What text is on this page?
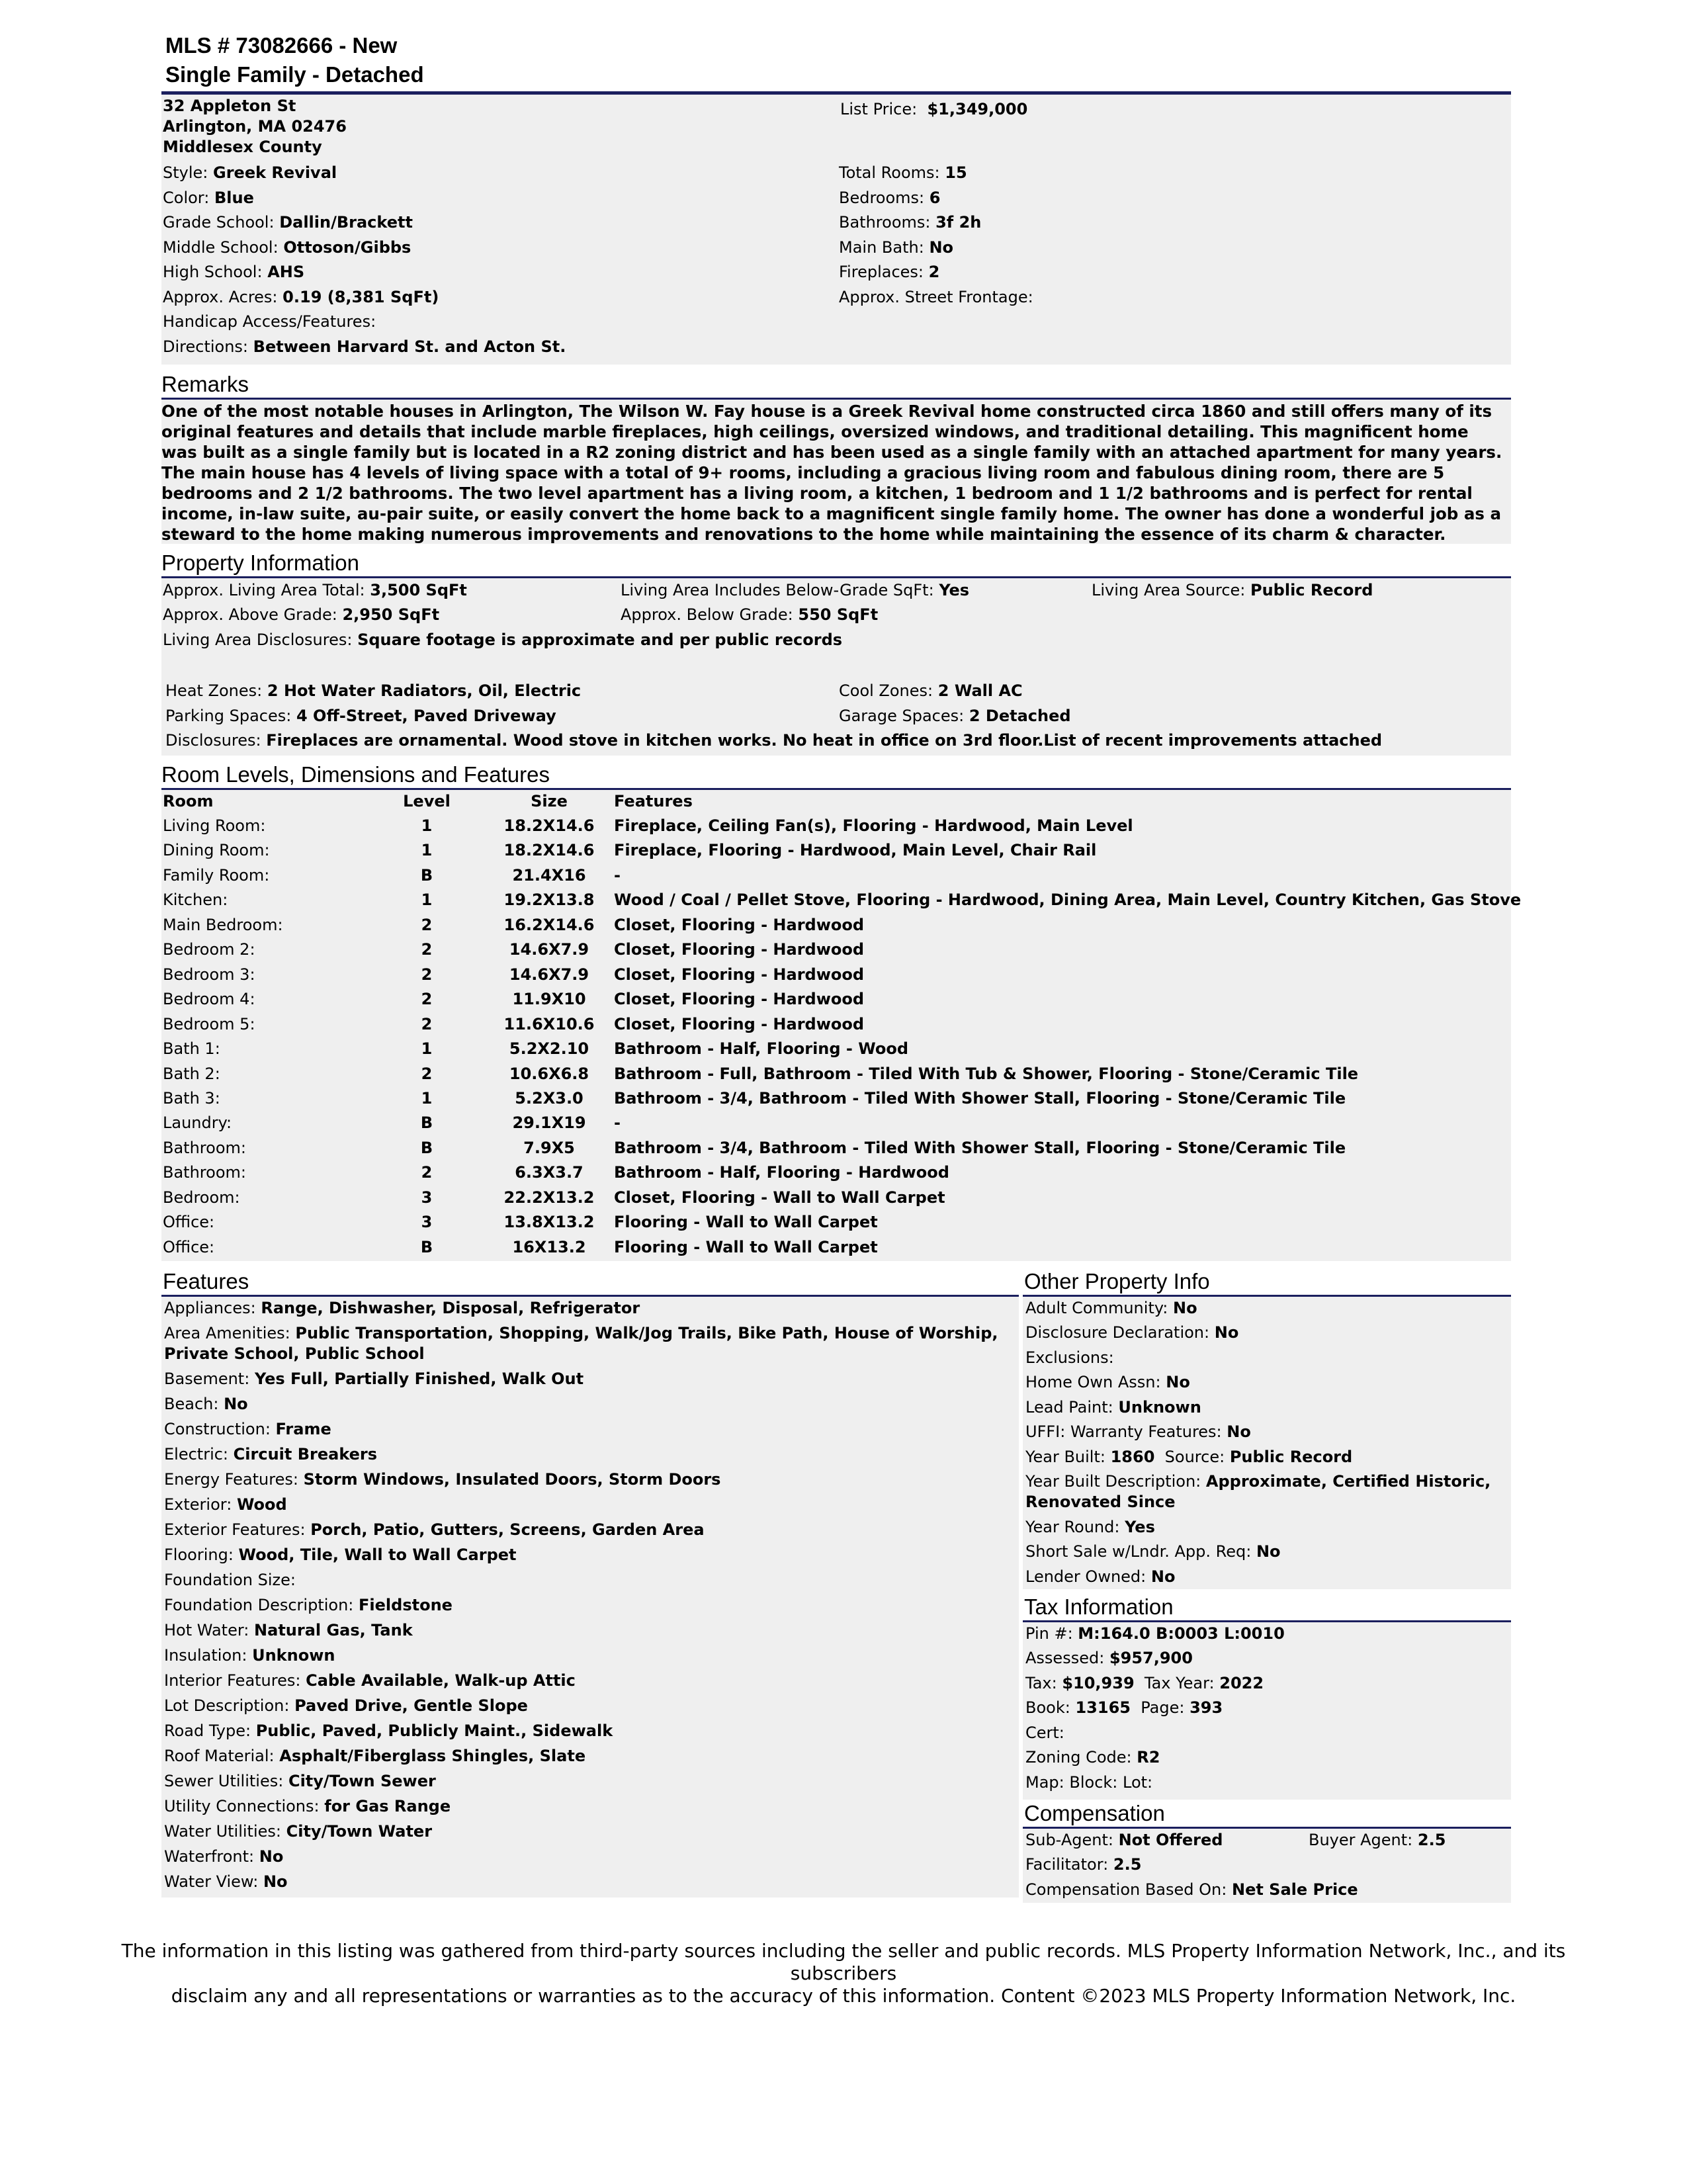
MLS # 73082666 - New
Single Family - Detached
32 Appleton St
Arlington, MA 02476
Middlesex County
List Price: $1,349,000
Style: Greek Revival
Color: Blue
Grade School: Dallin/Brackett
Middle School: Ottoson/Gibbs
High School: AHS
Approx. Acres: 0.19 (8,381 SqFt)
Handicap Access/Features:
Directions: Between Harvard St. and Acton St.
Total Rooms: 15
Bedrooms: 6
Bathrooms: 3f 2h
Main Bath: No
Fireplaces: 2
Approx. Street Frontage:
Remarks
One of the most notable houses in Arlington, The Wilson W. Fay house is a Greek Revival home constructed circa 1860 and still offers many of its original features and details that include marble fireplaces, high ceilings, oversized windows, and traditional detailing. This magnificent home was built as a single family but is located in a R2 zoning district and has been used as a single family with an attached apartment for many years. The main house has 4 levels of living space with a total of 9+ rooms, including a gracious living room and fabulous dining room, there are 5 bedrooms and 2 1/2 bathrooms. The two level apartment has a living room, a kitchen, 1 bedroom and 1 1/2 bathrooms and is perfect for rental income, in-law suite, au-pair suite, or easily convert the home back to a magnificent single family home. The owner has done a wonderful job as a steward to the home making numerous improvements and renovations to the home while maintaining the essence of its charm & character.
Property Information
Approx. Living Area Total: 3,500 SqFt	Living Area Includes Below-Grade SqFt: Yes	Living Area Source: Public Record
Approx. Above Grade: 2,950 SqFt	Approx. Below Grade: 550 SqFt
Living Area Disclosures: Square footage is approximate and per public records
Heat Zones: 2 Hot Water Radiators, Oil, Electric	Cool Zones: 2 Wall AC
Parking Spaces: 4 Off-Street, Paved Driveway	Garage Spaces: 2 Detached
Disclosures: Fireplaces are ornamental. Wood stove in kitchen works. No heat in office on 3rd floor.List of recent improvements attached
Room Levels, Dimensions and Features
Room	Level	Size	Features
Living Room:	1	18.2X14.6	Fireplace, Ceiling Fan(s), Flooring - Hardwood, Main Level
Dining Room:	1	18.2X14.6	Fireplace, Flooring - Hardwood, Main Level, Chair Rail
Family Room:	B	21.4X16	-
Kitchen:	1	19.2X13.8	Wood / Coal / Pellet Stove, Flooring - Hardwood, Dining Area, Main Level, Country Kitchen, Gas Stove
Main Bedroom:	2	16.2X14.6	Closet, Flooring - Hardwood
Bedroom 2:	2	14.6X7.9	Closet, Flooring - Hardwood
Bedroom 3:	2	14.6X7.9	Closet, Flooring - Hardwood
Bedroom 4:	2	11.9X10	Closet, Flooring - Hardwood
Bedroom 5:	2	11.6X10.6	Closet, Flooring - Hardwood
Bath 1:	1	5.2X2.10	Bathroom - Half, Flooring - Wood
Bath 2:	2	10.6X6.8	Bathroom - Full, Bathroom - Tiled With Tub & Shower, Flooring - Stone/Ceramic Tile
Bath 3:	1	5.2X3.0	Bathroom - 3/4, Bathroom - Tiled With Shower Stall, Flooring - Stone/Ceramic Tile
Laundry:	B	29.1X19	-
Bathroom:	B	7.9X5	Bathroom - 3/4, Bathroom - Tiled With Shower Stall, Flooring - Stone/Ceramic Tile
Bathroom:	2	6.3X3.7	Bathroom - Half, Flooring - Hardwood
Bedroom:	3	22.2X13.2	Closet, Flooring - Wall to Wall Carpet
Office:	3	13.8X13.2	Flooring - Wall to Wall Carpet
Office:	B	16X13.2	Flooring - Wall to Wall Carpet
Features
Appliances: Range, Dishwasher, Disposal, Refrigerator
Area Amenities: Public Transportation, Shopping, Walk/Jog Trails, Bike Path, House of Worship,
Private School, Public School
Basement: Yes Full, Partially Finished, Walk Out
Beach: No
Construction: Frame
Electric: Circuit Breakers
Energy Features: Storm Windows, Insulated Doors, Storm Doors
Exterior: Wood
Exterior Features: Porch, Patio, Gutters, Screens, Garden Area
Flooring: Wood, Tile, Wall to Wall Carpet
Foundation Size:
Foundation Description: Fieldstone
Hot Water: Natural Gas, Tank
Insulation: Unknown
Interior Features: Cable Available, Walk-up Attic
Lot Description: Paved Drive, Gentle Slope
Road Type: Public, Paved, Publicly Maint., Sidewalk
Roof Material: Asphalt/Fiberglass Shingles, Slate
Sewer Utilities: City/Town Sewer
Utility Connections: for Gas Range
Water Utilities: City/Town Water
Waterfront: No
Water View: No
Other Property Info
Adult Community: No
Disclosure Declaration: No
Exclusions:
Home Own Assn: No
Lead Paint: Unknown
UFFI: Warranty Features: No
Year Built: 1860 Source: Public Record
Year Built Description: Approximate, Certified Historic,
Renovated Since
Year Round: Yes
Short Sale w/Lndr. App. Req: No
Lender Owned: No
Tax Information
Pin #: M:164.0 B:0003 L:0010
Assessed: $957,900
Tax: $10,939 Tax Year: 2022
Book: 13165 Page: 393
Cert:
Zoning Code: R2
Map: Block: Lot:
Compensation
Sub-Agent: Not Offered	Buyer Agent: 2.5
Facilitator: 2.5
Compensation Based On: Net Sale Price
The information in this listing was gathered from third-party sources including the seller and public records. MLS Property Information Network, Inc., and its subscribers
disclaim any and all representations or warranties as to the accuracy of this information. Content ©2023 MLS Property Information Network, Inc.
